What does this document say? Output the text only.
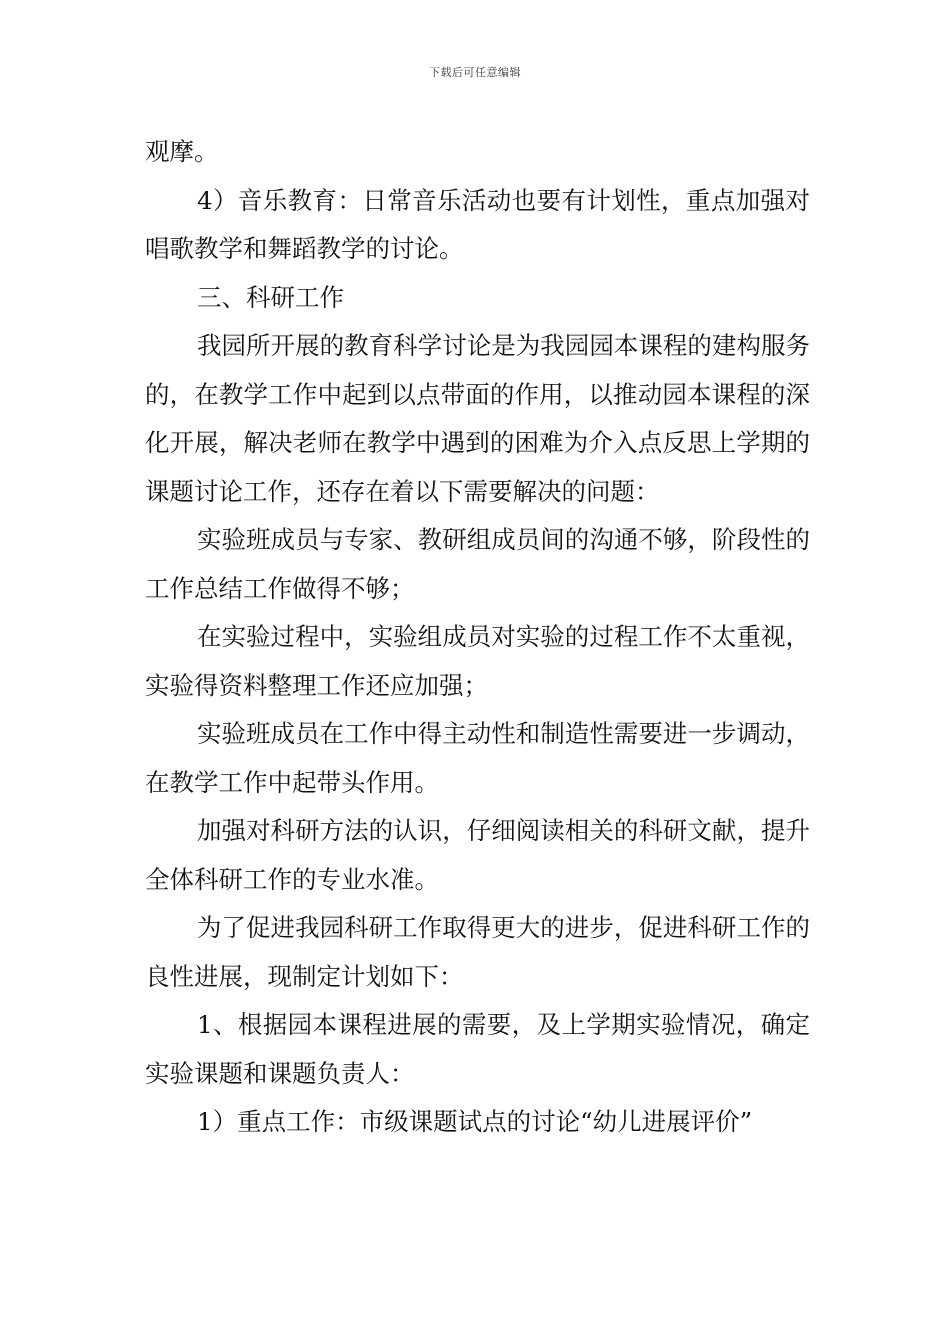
下载后可任意编辑

观摩。

4）音乐教育：日常音乐活动也要有计划性，重点加强对唱歌教学和舞蹈教学的讨论。

三、科研工作

我园所开展的教育科学讨论是为我园园本课程的建构服务的，在教学工作中起到以点带面的作用，以推动园本课程的深化开展，解决老师在教学中遇到的困难为介入点反思上学期的课题讨论工作，还存在着以下需要解决的问题：

实验班成员与专家、教研组成员间的沟通不够，阶段性的工作总结工作做得不够；

在实验过程中，实验组成员对实验的过程工作不太重视，实验得资料整理工作还应加强；

实验班成员在工作中得主动性和制造性需要进一步调动，在教学工作中起带头作用。

加强对科研方法的认识，仔细阅读相关的科研文献，提升全体科研工作的专业水准。

为了促进我园科研工作取得更大的进步，促进科研工作的良性进展，现制定计划如下：

1、根据园本课程进展的需要，及上学期实验情况，确定实验课题和课题负责人：

1）重点工作：市级课题试点的讨论“幼儿进展评价”
